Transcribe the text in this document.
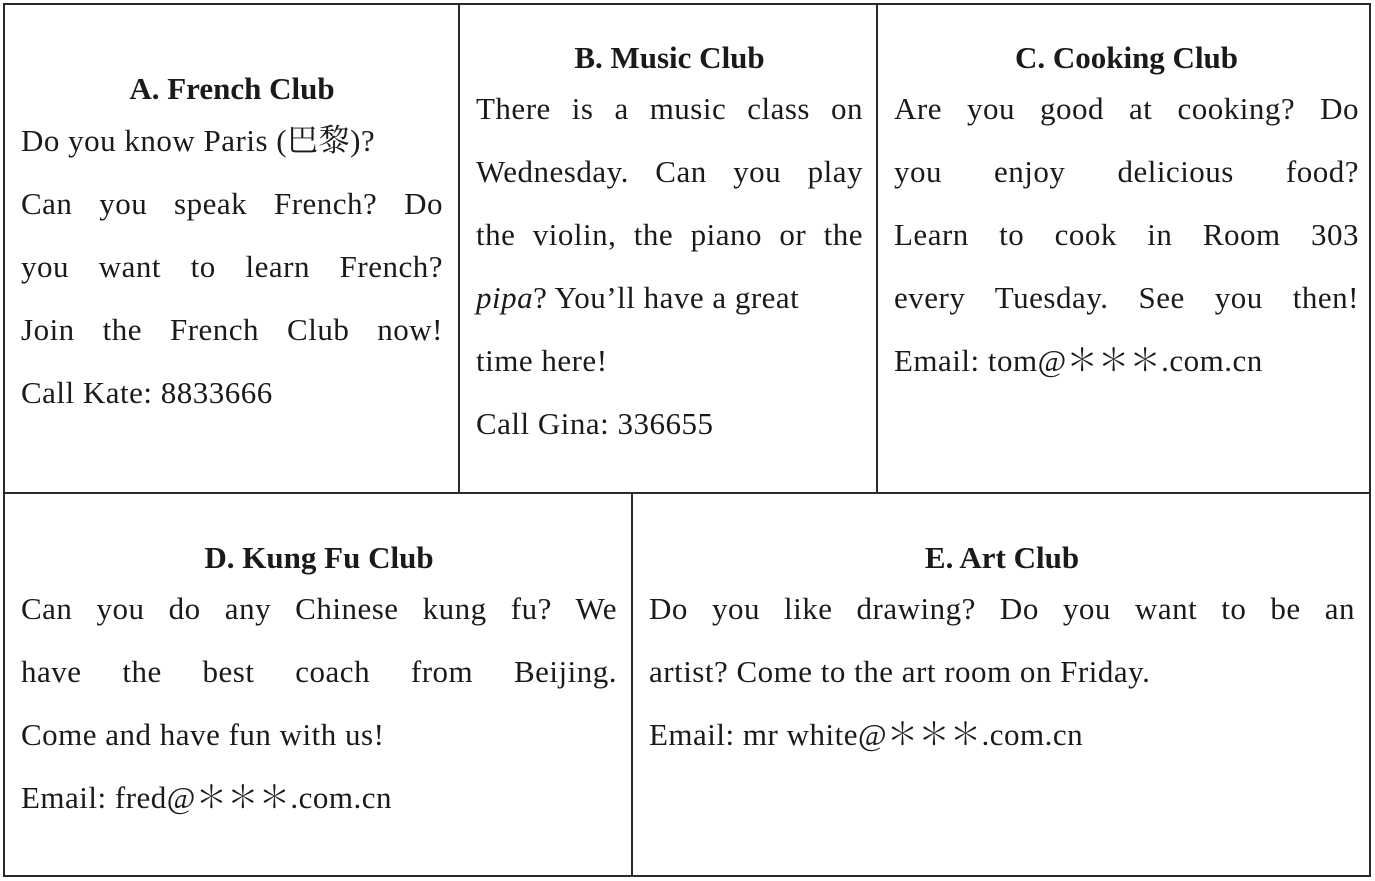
A. French Club
Do you know Paris (巴黎)?
Can you speak French? Do
you want to learn French?
Join the French Club now!
Call Kate: 8833666
B. Music Club
There is a music class on
Wednesday. Can you play
the violin, the piano or the
pipa? You’ll have a great
time here!
Call Gina: 336655
C. Cooking Club
Are you good at cooking? Do
you enjoy delicious food?
Learn to cook in Room 303
every Tuesday. See you then!
Email: tom@＊＊＊.com.cn
D. Kung Fu Club
Can you do any Chinese kung fu? We
have the best coach from Beijing.
Come and have fun with us!
Email: fred@＊＊＊.com.cn
E. Art Club
Do you like drawing? Do you want to be an
artist? Come to the art room on Friday.
Email: mr white@＊＊＊.com.cn
